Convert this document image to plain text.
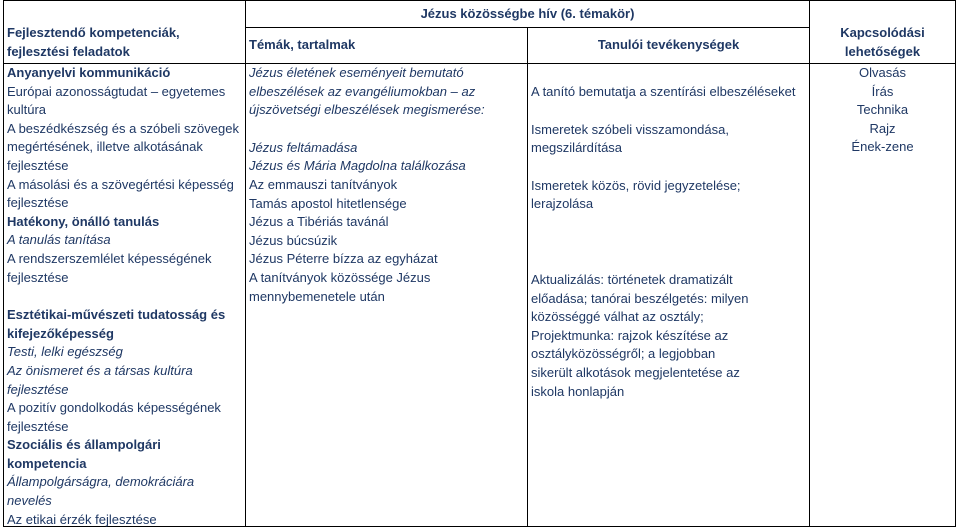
Jézus közösségbe hív (6. témakör)
Fejlesztendő kompetenciák, fejlesztési feladatok	Témák, tartalmak	Tanulói tevékenységek
Kapcsolódási lehetőségek

Anyanyelvi kommunikáció

Európai azonosságtudat – egyetemes kultúra

A beszédkészség és a szóbeli szövegek megértésének, illetve alkotásának fejlesztése

A másolási és a szövegértési képesség fejlesztése

Hatékony, önálló tanulás

A tanulás tanítása

A rendszerszemlélet képességének fejlesztése

Esztétikai-művészeti tudatosság és kifejezőképesség

Testi, lelki egészség

Az önismeret és a társas kultúra fejlesztése

A pozitív gondolkodás képességének fejlesztése

Szociális és állampolgári kompetencia

Állampolgárságra, demokráciára nevelés

Az etikai érzék fejlesztése

Jézus életének eseményeit bemutató elbeszélések az evangéliumokban – az újszövetségi elbeszélések megismerése:

Jézus feltámadása

Jézus és Mária Magdolna találkozása

Az emmauszi tanítványok

Tamás apostol hitetlensége

Jézus a Tibériás tavánál

Jézus búcsúzik

Jézus Péterre bízza az egyházat

A tanítványok közössége Jézus mennybemenetele után

A tanító bemutatja a szentírási elbeszéléseket

Ismeretek szóbeli visszamondása, megszilárdítása

Ismeretek közös, rövid jegyzetelése; lerajzolása

Aktualizálás: történetek dramatizált előadása; tanórai beszélgetés: milyen közösséggé válhat az osztály; Projektmunka: rajzok készítése az osztályközösségről; a legjobban sikerült alkotások megjelentetése az iskola honlapján

Olvasás

Írás

Technika

Rajz

Ének-zene
